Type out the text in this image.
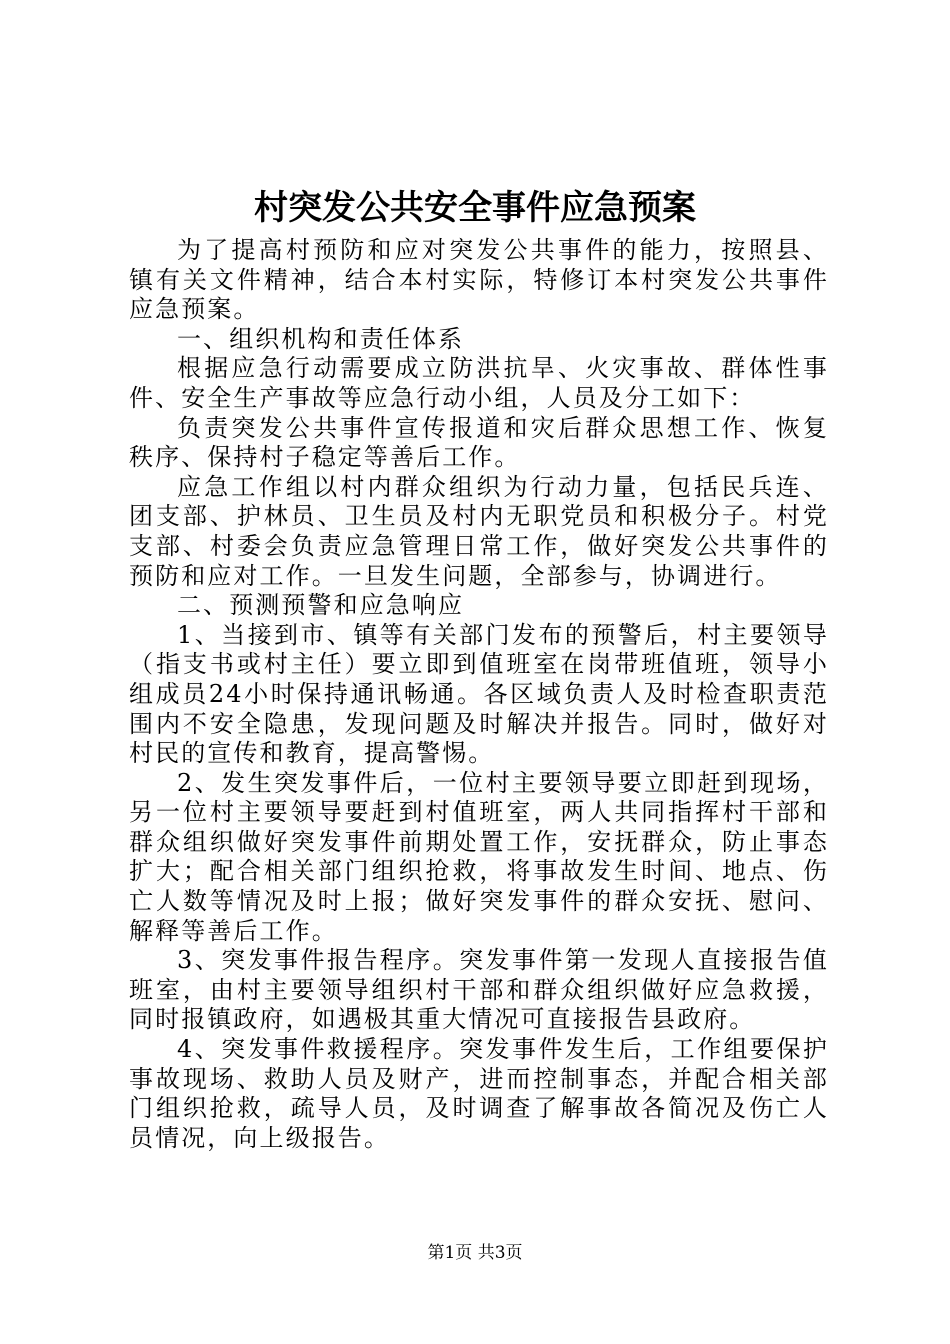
村突发公共安全事件应急预案

为了提高村预防和应对突发公共事件的能力，按照县、镇有关文件精神，结合本村实际，特修订本村突发公共事件应急预案。

一、组织机构和责任体系

根据应急行动需要成立防洪抗旱、火灾事故、群体性事件、安全生产事故等应急行动小组，人员及分工如下：

负责突发公共事件宣传报道和灾后群众思想工作、恢复秩序、保持村子稳定等善后工作。

应急工作组以村内群众组织为行动力量，包括民兵连、团支部、护林员、卫生员及村内无职党员和积极分子。村党支部、村委会负责应急管理日常工作，做好突发公共事件的预防和应对工作。一旦发生问题，全部参与，协调进行。

二、预测预警和应急响应

1、当接到市、镇等有关部门发布的预警后，村主要领导（指支书或村主任）要立即到值班室在岗带班值班，领导小组成员24小时保持通讯畅通。各区域负责人及时检查职责范围内不安全隐患，发现问题及时解决并报告。同时，做好对村民的宣传和教育，提高警惕。

2、发生突发事件后，一位村主要领导要立即赶到现场，另一位村主要领导要赶到村值班室，两人共同指挥村干部和群众组织做好突发事件前期处置工作，安抚群众，防止事态扩大；配合相关部门组织抢救，将事故发生时间、地点、伤亡人数等情况及时上报；做好突发事件的群众安抚、慰问、解释等善后工作。

3、突发事件报告程序。突发事件第一发现人直接报告值班室，由村主要领导组织村干部和群众组织做好应急救援，同时报镇政府，如遇极其重大情况可直接报告县政府。

4、突发事件救援程序。突发事件发生后，工作组要保护事故现场、救助人员及财产，进而控制事态，并配合相关部门组织抢救，疏导人员，及时调查了解事故各简况及伤亡人员情况，向上级报告。

第1页 共3页
